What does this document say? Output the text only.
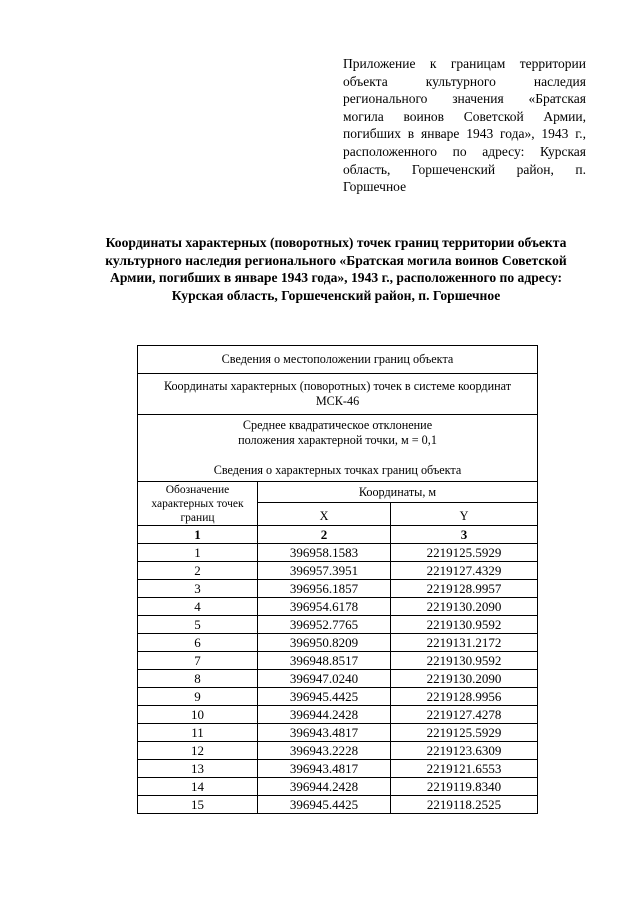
Приложение к границам территории объекта культурного наследия регионального значения «Братская могила воинов Советской Армии, погибших в январе 1943 года», 1943 г., расположенного по адресу: Курская область, Горшеченский район, п. Горшечное
Координаты характерных (поворотных) точек границ территории объекта культурного наследия регионального «Братская могила воинов Советской Армии, погибших в январе 1943 года», 1943 г., расположенного по адресу: Курская область, Горшеченский район, п. Горшечное
Сведения о местоположении границ объекта		
Координаты характерных (поворотных) точек в системе координат
МСК-46		
Среднее квадратическое отклонение
положения характерной точки, м = 0,1
Сведения о характерных точках границ объекта		
Обозначение характерных точек границ	Координаты, м	
	X	Y
1	2	3
1	396958.1583	2219125.5929
2	396957.3951	2219127.4329
3	396956.1857	2219128.9957
4	396954.6178	2219130.2090
5	396952.7765	2219130.9592
6	396950.8209	2219131.2172
7	396948.8517	2219130.9592
8	396947.0240	2219130.2090
9	396945.4425	2219128.9956
10	396944.2428	2219127.4278
11	396943.4817	2219125.5929
12	396943.2228	2219123.6309
13	396943.4817	2219121.6553
14	396944.2428	2219119.8340
15	396945.4425	2219118.2525
